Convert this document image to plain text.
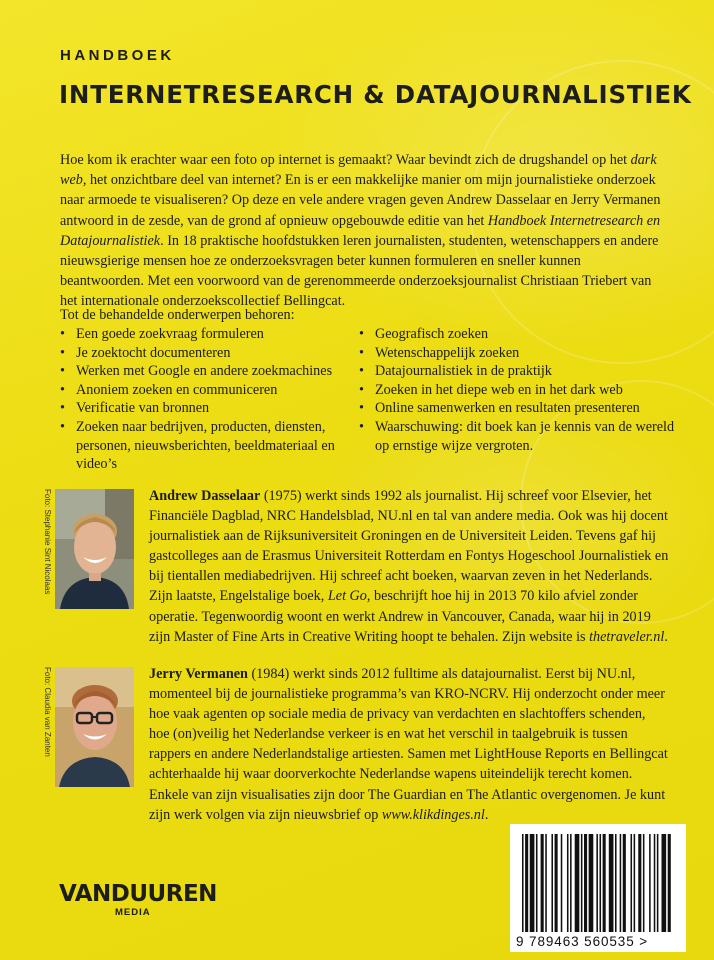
HANDBOEK
INTERNETRESEARCH & DATAJOURNALISTIEK
Hoe kom ik erachter waar een foto op internet is gemaakt? Waar bevindt zich de drugshandel op het dark web, het onzichtbare deel van internet? En is er een makkelijke manier om mijn journalistieke onderzoek naar armoede te visualiseren? Op deze en vele andere vragen geven Andrew Dasselaar en Jerry Vermanen antwoord in de zesde, van de grond af opnieuw opgebouwde editie van het Handboek Internetresearch en Datajournalistiek. In 18 praktische hoofdstukken leren journalisten, studenten, wetenschappers en andere nieuwsgierige mensen hoe ze onderzoeksvragen beter kunnen formuleren en sneller kunnen beantwoorden. Met een voorwoord van de gerenommeerde onderzoeksjournalist Christiaan Triebert van het internationale onderzoekscollectief Bellingcat.
Tot de behandelde onderwerpen behoren:
• Een goede zoekvraag formuleren
• Je zoektocht documenteren
• Werken met Google en andere zoekmachines
• Anoniem zoeken en communiceren
• Verificatie van bronnen
• Zoeken naar bedrijven, producten, diensten, personen, nieuwsberichten, beeldmateriaal en video’s
• Geografisch zoeken
• Wetenschappelijk zoeken
• Datajournalistiek in de praktijk
• Zoeken in het diepe web en in het dark web
• Online samenwerken en resultaten presenteren
• Waarschuwing: dit boek kan je kennis van de wereld op ernstige wijze vergroten.
Foto: Stephanie Sint Nicolaas	Andrew Dasselaar (1975) werkt sinds 1992 als journalist. Hij schreef voor Elsevier, het Financiële Dagblad, NRC Handelsblad, NU.nl en tal van andere media. Ook was hij docent journalistiek aan de Rijksuniversiteit Groningen en de Universiteit Leiden. Tevens gaf hij gastcolleges aan de Erasmus Universiteit Rotterdam en Fontys Hogeschool Journalistiek en bij tientallen mediabedrijven. Hij schreef acht boeken, waarvan zeven in het Nederlands. Zijn laatste, Engelstalige boek, Let Go, beschrijft hoe hij in 2013 70 kilo afviel zonder operatie. Tegenwoordig woont en werkt Andrew in Vancouver, Canada, waar hij in 2019 zijn Master of Fine Arts in Creative Writing hoopt te behalen. Zijn website is thetraveler.nl.
Foto: Claudia van Zanten	Jerry Vermanen (1984) werkt sinds 2012 fulltime als datajournalist. Eerst bij NU.nl, momenteel bij de journalistieke programma’s van KRO-NCRV. Hij onderzocht onder meer hoe vaak agenten op sociale media de privacy van verdachten en slachtoffers schenden, hoe (on)veilig het Nederlandse verkeer is en wat het verschil in taalgebruik is tussen rappers en andere Nederlandstalige artiesten. Samen met LightHouse Reports en Bellingcat achterhaalde hij waar doorverkochte Nederlandse wapens uiteindelijk terecht komen. Enkele van zijn visualisaties zijn door The Guardian en The Atlantic overgenomen. Je kunt zijn werk volgen via zijn nieuwsbrief op www.klikdinges.nl.
VANDUUREN
MEDIA
9 789463 560535 >
